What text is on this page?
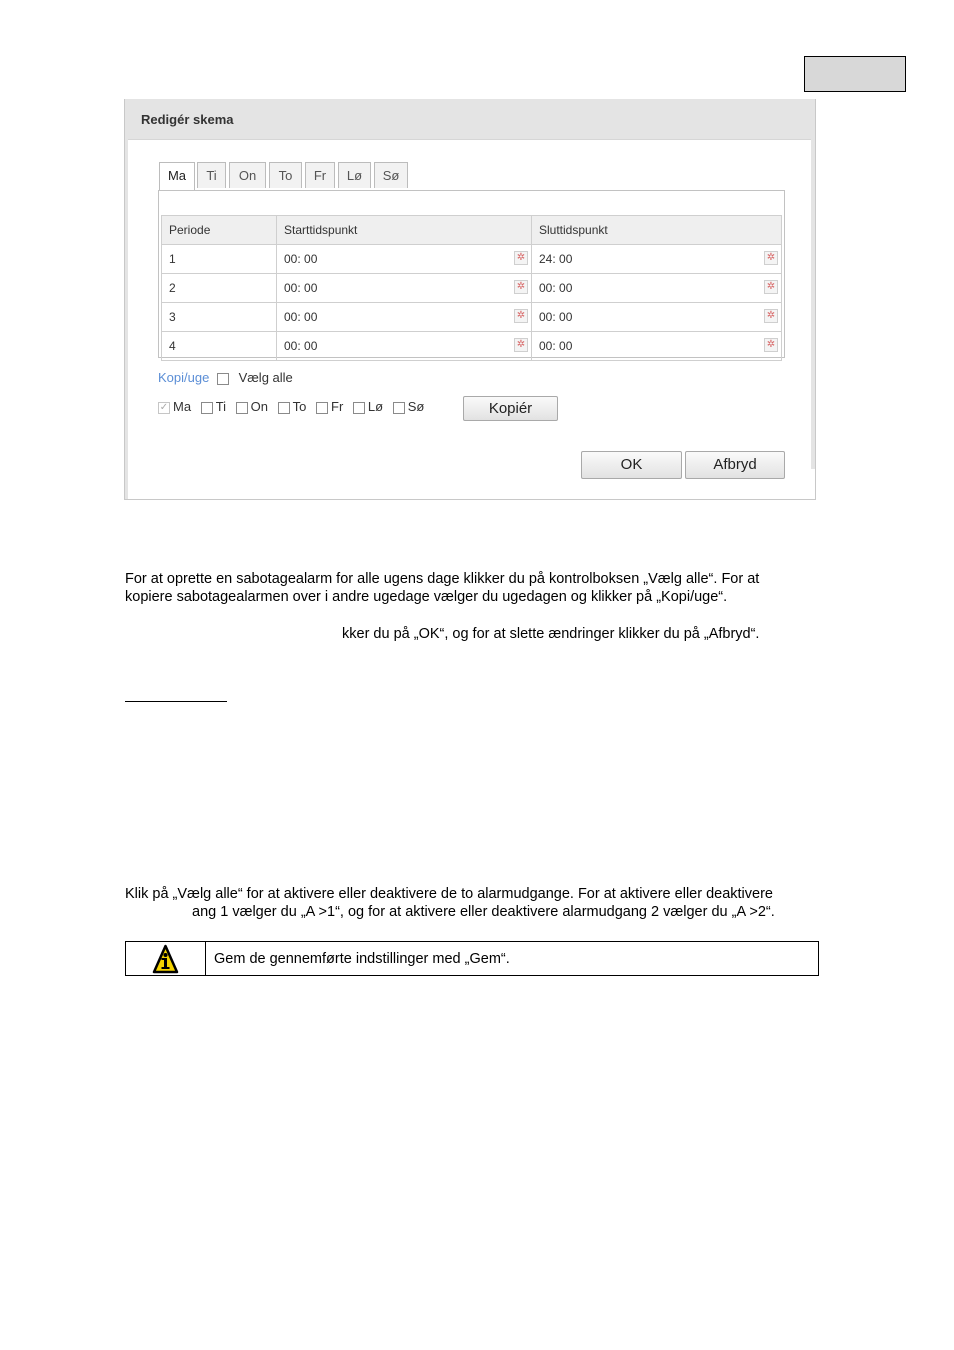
Redigér skema
Ma	Ti	On	To	Fr	Lø	Sø
Periode	Starttidspunkt	Sluttidspunkt
1	00: 00 ✲	24: 00 ✲

2	00: 00 ✲	00: 00 ✲

3	00: 00 ✲	00: 00 ✲

4	00: 00 ✲	00: 00 ✲
Kopi/uge Vælg alle
✓ Ma Ti On To Fr Lø Sø	Kopiér
OK	Afbryd
For at oprette en sabotagealarm for alle ugens dage klikker du på kontrolboksen „Vælg alle“. For at
kopiere sabotagealarmen over i andre ugedage vælger du ugedagen og klikker på „Kopi/uge“.
kker du på „OK“, og for at slette ændringer klikker du på „Afbryd“.
Klik på „Vælg alle“ for at aktivere eller deaktivere de to alarmudgange. For at aktivere eller deaktivere
ang 1 vælger du „A >1“, og for at aktivere eller deaktivere alarmudgang 2 vælger du „A >2“.
Gem de gennemførte indstillinger med „Gem“.
